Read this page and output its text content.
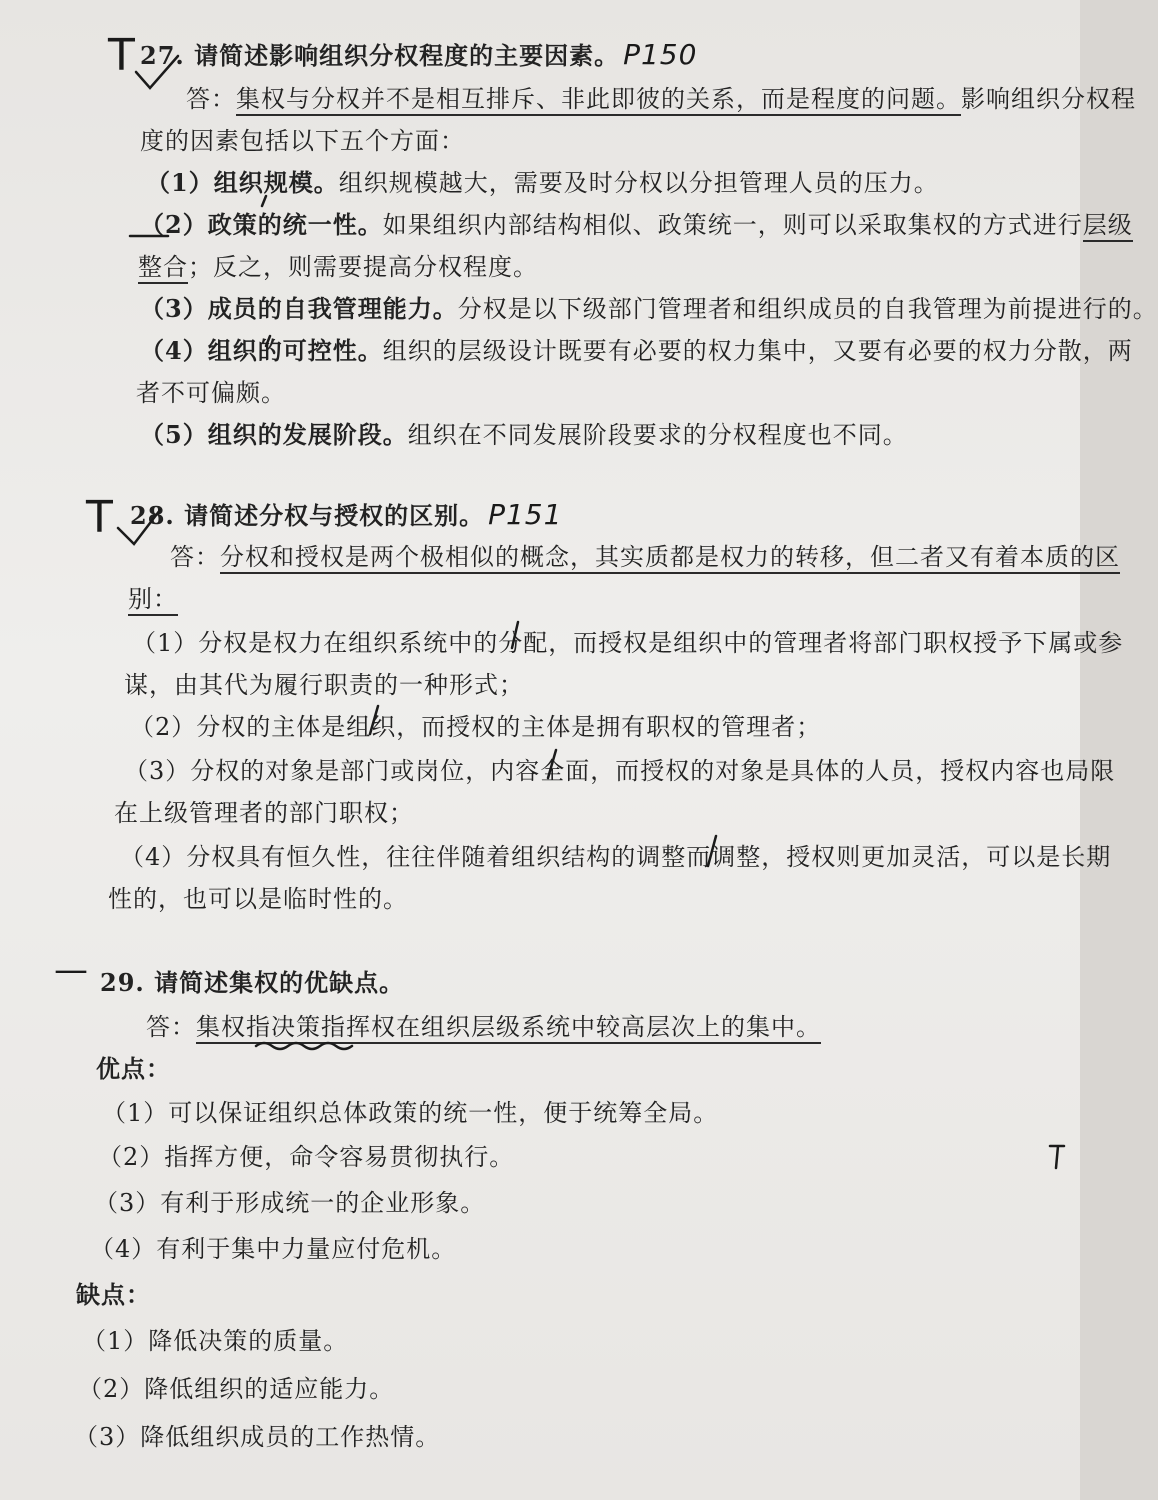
T 27. 请简述影响组织分权程度的主要因素。 P150
答：集权与分权并不是相互排斥、非此即彼的关系，而是程度的问题。影响组织分权程
度的因素包括以下五个方面：
（1）组织规模。组织规模越大，需要及时分权以分担管理人员的压力。
（2）政策的统一性。如果组织内部结构相似、政策统一，则可以采取集权的方式进行层级
整合；反之，则需要提高分权程度。
（3）成员的自我管理能力。分权是以下级部门管理者和组织成员的自我管理为前提进行的。
（4）组织的可控性。组织的层级设计既要有必要的权力集中，又要有必要的权力分散，两
者不可偏颇。
（5）组织的发展阶段。组织在不同发展阶段要求的分权程度也不同。
T 28. 请简述分权与授权的区别。 P151
答：分权和授权是两个极相似的概念，其实质都是权力的转移，但二者又有着本质的区
别：
（1）分权是权力在组织系统中的分配，而授权是组织中的管理者将部门职权授予下属或参
谋，由其代为履行职责的一种形式；
（2）分权的主体是组织，而授权的主体是拥有职权的管理者；
（3）分权的对象是部门或岗位，内容全面，而授权的对象是具体的人员，授权内容也局限
在上级管理者的部门职权；
（4）分权具有恒久性，往往伴随着组织结构的调整而调整，授权则更加灵活，可以是长期
性的，也可以是临时性的。
— 29. 请简述集权的优缺点。
答：集权指决策指挥权在组织层级系统中较高层次上的集中。
优点：
（1）可以保证组织总体政策的统一性，便于统筹全局。
（2）指挥方便，命令容易贯彻执行。
（3）有利于形成统一的企业形象。
（4）有利于集中力量应付危机。
缺点：
（1）降低决策的质量。
（2）降低组织的适应能力。
（3）降低组织成员的工作热情。
